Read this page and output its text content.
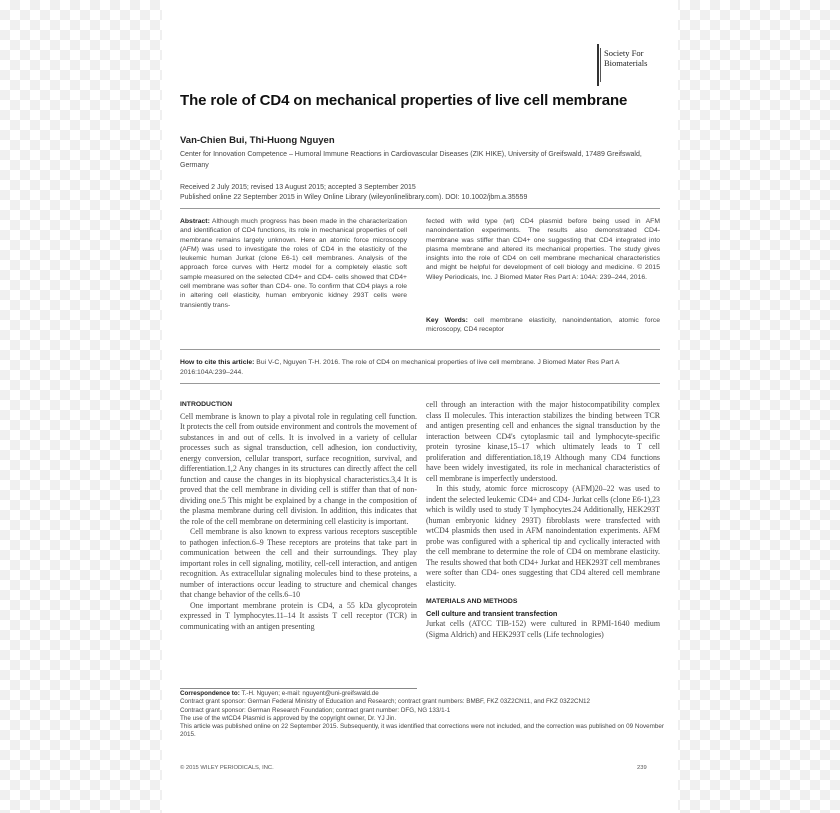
Society For Biomaterials
The role of CD4 on mechanical properties of live cell membrane
Van-Chien Bui, Thi-Huong Nguyen
Center for Innovation Competence – Humoral Immune Reactions in Cardiovascular Diseases (ZIK HIKE), University of Greifswald, 17489 Greifswald, Germany
Received 2 July 2015; revised 13 August 2015; accepted 3 September 2015
Published online 22 September 2015 in Wiley Online Library (wileyonlinelibrary.com). DOI: 10.1002/jbm.a.35559
Abstract: Although much progress has been made in the characterization and identification of CD4 functions, its role in mechanical properties of cell membrane remains largely unknown. Here an atomic force microscopy (AFM) was used to investigate the roles of CD4 in the elasticity of the leukemic human Jurkat (clone E6-1) cell membranes. Analysis of the approach force curves with Hertz model for a completely elastic soft sample measured on the selected CD4+ and CD4- cells showed that CD4+ cell membrane was softer than CD4- one. To confirm that CD4 plays a role in altering cell elasticity, human embryonic kidney 293T cells were transiently trans-
fected with wild type (wt) CD4 plasmid before being used in AFM nanoindentation experiments. The results also demonstrated CD4- membrane was stiffer than CD4+ one suggesting that CD4 integrated into plasma membrane and altered its mechanical properties. The study gives insights into the role of CD4 on cell membrane mechanical characteristics and might be helpful for development of cell biology and medicine. © 2015 Wiley Periodicals, Inc. J Biomed Mater Res Part A: 104A: 239–244, 2016.
Key Words: cell membrane elasticity, nanoindentation, atomic force microscopy, CD4 receptor
How to cite this article: Bui V-C, Nguyen T-H. 2016. The role of CD4 on mechanical properties of live cell membrane. J Biomed Mater Res Part A 2016:104A:239–244.

INTRODUCTION

Cell membrane is known to play a pivotal role in regulating cell function. It protects the cell from outside environment and controls the movement of substances in and out of cells. It is involved in a variety of cellular processes such as signal transduction, cell adhesion, ion conductivity, energy conversion, cellular transport, surface recognition, survival, and differentiation.1,2 Any changes in its structures can directly affect the cell function and cause the changes in its biophysical characteristics.3,4 It is proved that the cell membrane in dividing cell is stiffer than that of non-dividing one.5 This might be explained by a change in the composition of the plasma membrane during cell division. In addition, this indicates that the role of the cell membrane on determining cell elasticity is important.

Cell membrane is also known to express various receptors susceptible to pathogen infection.6–9 These receptors are proteins that take part in communication between the cell and their surroundings. They play important roles in cell signaling, motility, cell-cell interaction, and antigen recognition. As extracellular signaling molecules bind to these proteins, a number of interactions occur leading to structure and chemical changes that change behavior of the cells.6–10

One important membrane protein is CD4, a 55 kDa glycoprotein expressed in T lymphocytes.11–14 It assists T cell receptor (TCR) in communicating with an antigen presenting

cell through an interaction with the major histocompatibility complex class II molecules. This interaction stabilizes the binding between TCR and antigen presenting cell and enhances the signal transduction by the interaction between CD4's cytoplasmic tail and lymphocyte-specific protein tyrosine kinase,15–17 which ultimately leads to T cell proliferation and differentiation.18,19 Although many CD4 functions have been widely investigated, its role in mechanical characteristics of cell membrane is imperfectly understood.

In this study, atomic force microscopy (AFM)20–22 was used to indent the selected leukemic CD4+ and CD4- Jurkat cells (clone E6-1),23 which is wildly used to study T lymphocytes.24 Additionally, HEK293T (human embryonic kidney 293T) fibroblasts were transfected with wtCD4 plasmids then used in AFM nanoindentation experiments. AFM probe was configured with a spherical tip and cyclically interacted with the cell membrane to determine the role of CD4 on membrane elasticity. The results showed that both CD4+ Jurkat and HEK293T cell membranes were softer than CD4- ones suggesting that CD4 altered cell membrane elasticity.

MATERIALS AND METHODS

Cell culture and transient transfection

Jurkat cells (ATCC TIB-152) were cultured in RPMI-1640 medium (Sigma Aldrich) and HEK293T cells (Life technologies)

Correspondence to: T.-H. Nguyen; e-mail: nguyent@uni-greifswald.de

Contract grant sponsor: German Federal Ministry of Education and Research; contract grant numbers: BMBF, FKZ 03Z2CN11, and FKZ 03Z2CN12

Contract grant sponsor: German Research Foundation; contract grant number: DFG, NG 133/1-1

The use of the wtCD4 Plasmid is approved by the copyright owner, Dr. YJ Jin.

This article was published online on 22 September 2015. Subsequently, it was identified that corrections were not included, and the correction was published on 09 November 2015.

© 2015 WILEY PERIODICALS, INC.	239
